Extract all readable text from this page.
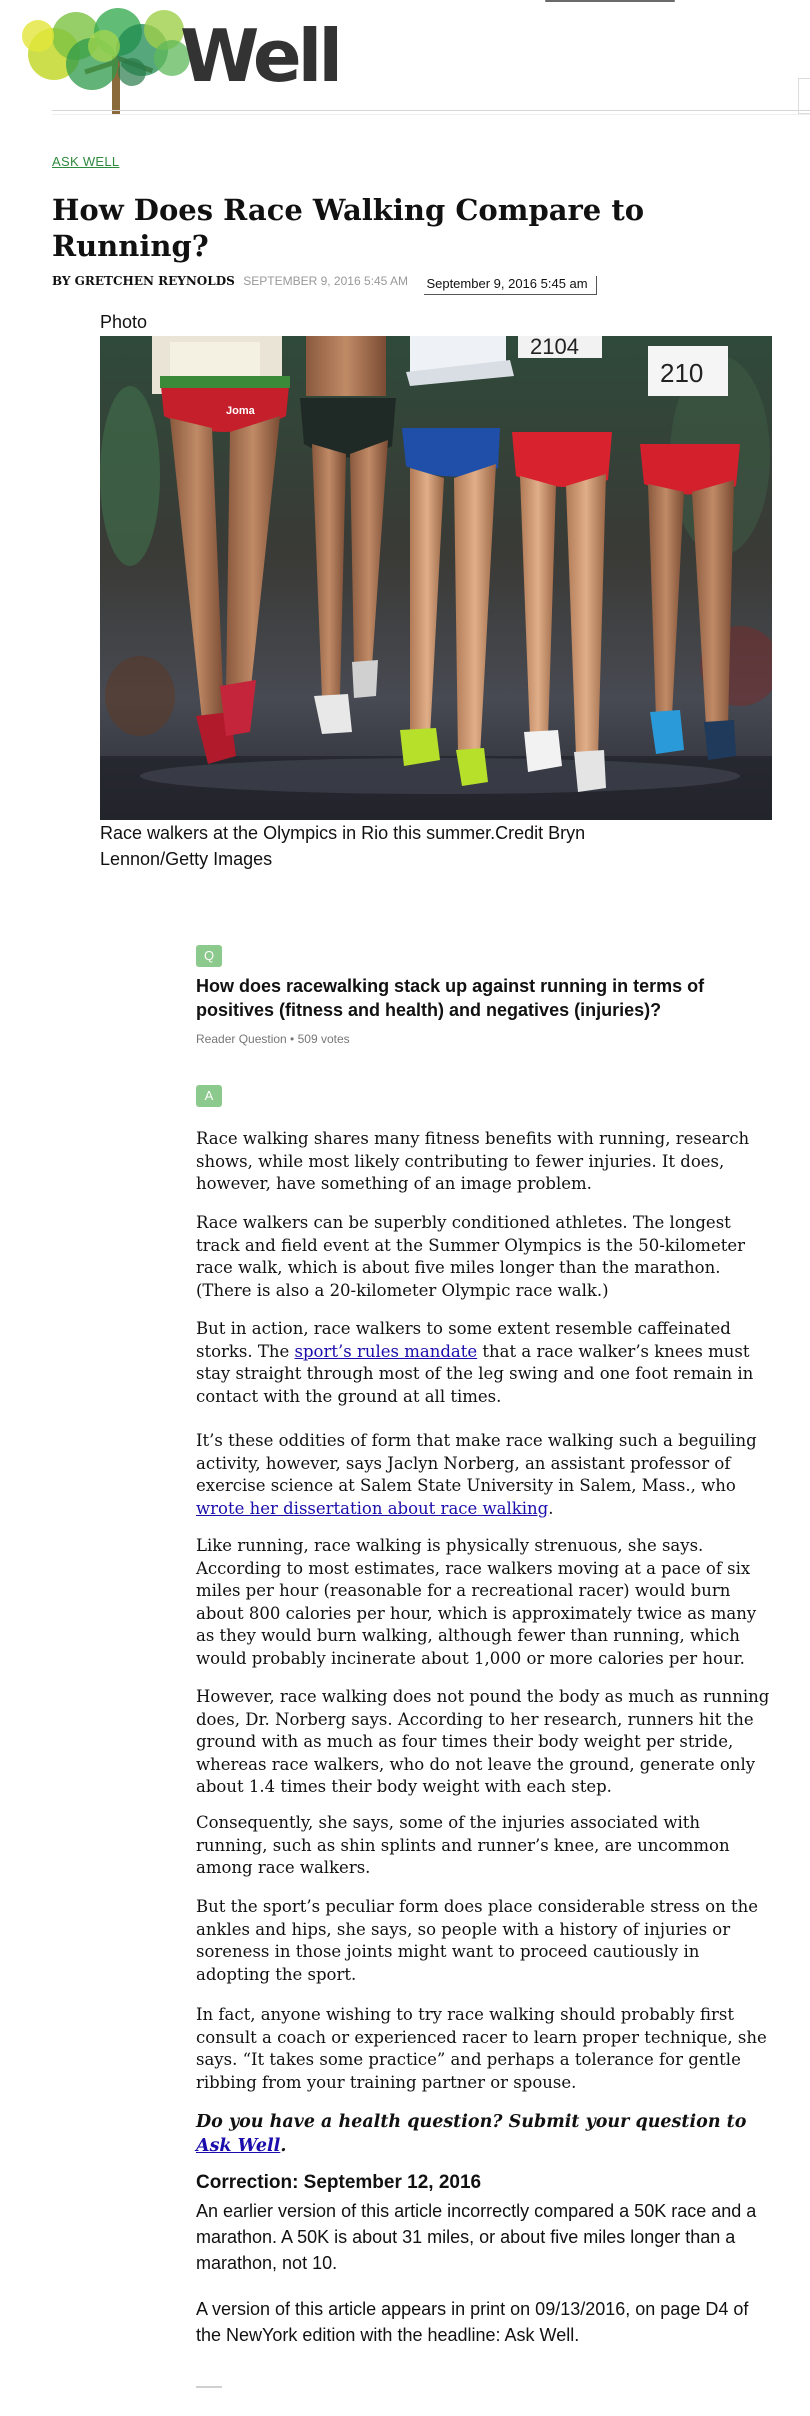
Well
ASK WELL
How Does Race Walking Compare to Running?
BY GRETCHEN REYNOLDS SEPTEMBER 9, 2016 5:45 AM September 9, 2016 5:45 am
Photo
Joma
2104
210
Race walkers at the Olympics in Rio this summer.Credit Bryn Lennon/Getty Images
Q
How does racewalking stack up against running in terms of positives (fitness and health) and negatives (injuries)?
Reader Question • 509 votes
A

Race walking shares many fitness benefits with running, research shows, while most likely contributing to fewer injuries. It does, however, have something of an image problem.

Race walkers can be superbly conditioned athletes. The longest track and field event at the Summer Olympics is the 50-kilometer race walk, which is about five miles longer than the marathon. (There is also a 20-kilometer Olympic race walk.)

But in action, race walkers to some extent resemble caffeinated storks. The sport’s rules mandate that a race walker’s knees must stay straight through most of the leg swing and one foot remain in contact with the ground at all times.

It’s these oddities of form that make race walking such a beguiling activity, however, says Jaclyn Norberg, an assistant professor of exercise science at Salem State University in Salem, Mass., who wrote her dissertation about race walking.

Like running, race walking is physically strenuous, she says. According to most estimates, race walkers moving at a pace of six miles per hour (reasonable for a recreational racer) would burn about 800 calories per hour, which is approximately twice as many as they would burn walking, although fewer than running, which would probably incinerate about 1,000 or more calories per hour.

However, race walking does not pound the body as much as running does, Dr. Norberg says. According to her research, runners hit the ground with as much as four times their body weight per stride, whereas race walkers, who do not leave the ground, generate only about 1.4 times their body weight with each step.

Consequently, she says, some of the injuries associated with running, such as shin splints and runner’s knee, are uncommon among race walkers.

But the sport’s peculiar form does place considerable stress on the ankles and hips, she says, so people with a history of injuries or soreness in those joints might want to proceed cautiously in adopting the sport.

In fact, anyone wishing to try race walking should probably first consult a coach or experienced racer to learn proper technique, she says. “It takes some practice” and perhaps a tolerance for gentle ribbing from your training partner or spouse.

Do you have a health question? Submit your question to Ask Well.
Correction: September 12, 2016
An earlier version of this article incorrectly compared a 50K race and a marathon. A 50K is about 31 miles, or about five miles longer than a marathon, not 10.
A version of this article appears in print on 09/13/2016, on page D4 of the NewYork edition with the headline: Ask Well.
